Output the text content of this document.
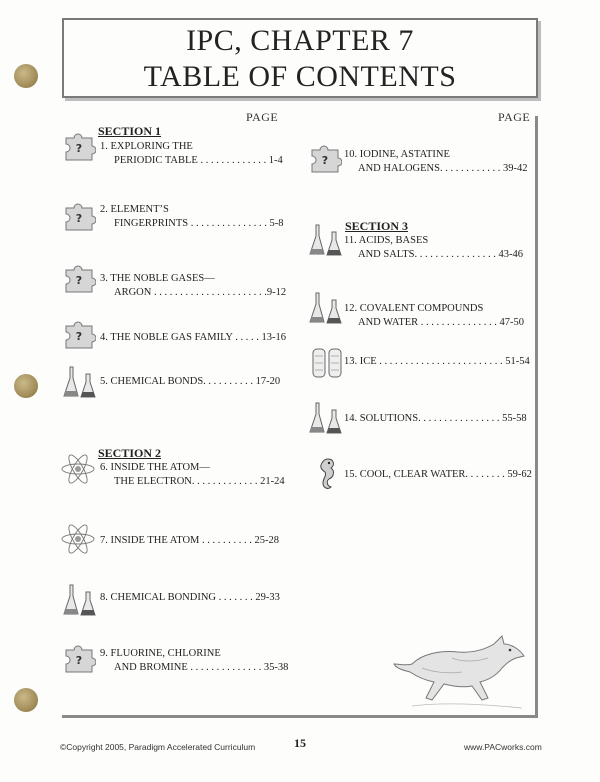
IPC, CHAPTER 7
TABLE OF CONTENTS
PAGE	PAGE
SECTION 1
? 1. EXPLORING THE
PERIODIC TABLE . . . . . . . . . . . . . 1-4
?
2. ELEMENT’S
FINGERPRINTS . . . . . . . . . . . . . . . 5-8
? 3. THE NOBLE GASES—
ARGON . . . . . . . . . . . . . . . . . . . . . .9-12
? 4. THE NOBLE GAS FAMILY . . . . . 13-16
5. CHEMICAL BONDS. . . . . . . . . . 17-20
SECTION 2
6. INSIDE THE ATOM—
THE ELECTRON. . . . . . . . . . . . . 21-24
7. INSIDE THE ATOM . . . . . . . . . . 25-28
8. CHEMICAL BONDING . . . . . . . 29-33
?
9. FLUORINE, CHLORINE
AND BROMINE . . . . . . . . . . . . . . 35-38
? 10. IODINE, ASTATINE
AND HALOGENS. . . . . . . . . . . . 39-42
SECTION 3
11. ACIDS, BASES
AND SALTS. . . . . . . . . . . . . . . . 43-46
12. COVALENT COMPOUNDS
AND WATER . . . . . . . . . . . . . . . 47-50
13. ICE . . . . . . . . . . . . . . . . . . . . . . . . 51-54
14. SOLUTIONS. . . . . . . . . . . . . . . . 55-58
15. COOL, CLEAR WATER. . . . . . . . 59-62
©Copyright 2005, Paradigm Accelerated Curriculum	15	www.PACworks.com
